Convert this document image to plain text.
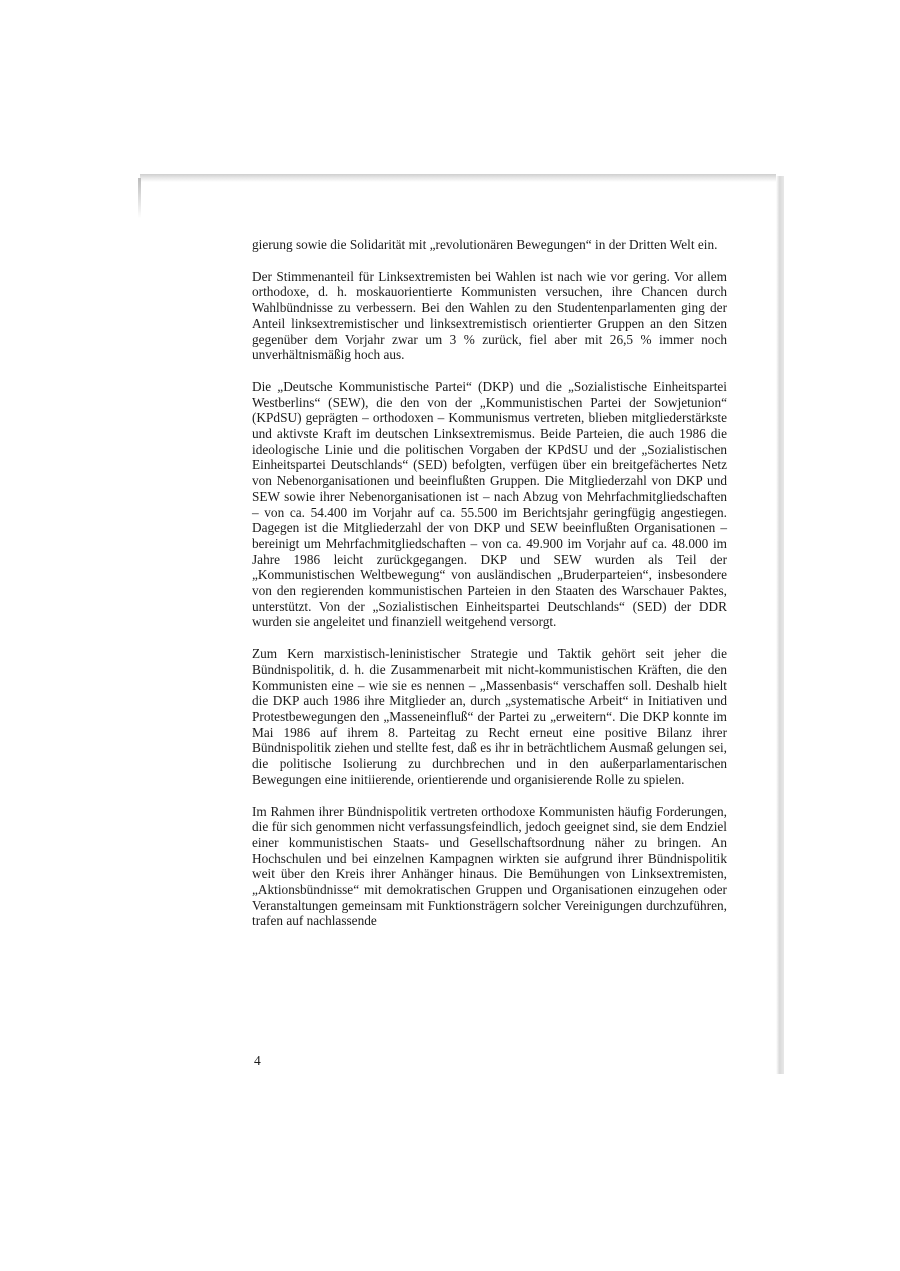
gierung sowie die Solidarität mit „revolutionären Bewegungen“ in der Dritten Welt ein.

Der Stimmenanteil für Linksextremisten bei Wahlen ist nach wie vor gering. Vor allem orthodoxe, d. h. moskauorientierte Kommunisten versuchen, ihre Chancen durch Wahlbündnisse zu verbessern. Bei den Wahlen zu den Studentenparlamenten ging der Anteil linksextremistischer und linksextremistisch orientierter Gruppen an den Sitzen gegenüber dem Vorjahr zwar um 3 % zurück, fiel aber mit 26,5 % immer noch unverhältnismäßig hoch aus.

Die „Deutsche Kommunistische Partei“ (DKP) und die „Sozialistische Einheitspartei Westberlins“ (SEW), die den von der „Kommunistischen Partei der Sowjetunion“ (KPdSU) geprägten – orthodoxen – Kommunismus vertreten, blieben mitgliederstärkste und aktivste Kraft im deutschen Linksextremismus. Beide Parteien, die auch 1986 die ideologische Linie und die politischen Vorgaben der KPdSU und der „Sozialistischen Einheitspartei Deutschlands“ (SED) befolgten, verfügen über ein breitgefächertes Netz von Nebenorganisationen und beeinflußten Gruppen. Die Mitgliederzahl von DKP und SEW sowie ihrer Nebenorganisationen ist – nach Abzug von Mehrfachmitgliedschaften – von ca. 54.400 im Vorjahr auf ca. 55.500 im Berichtsjahr geringfügig angestiegen. Dagegen ist die Mitgliederzahl der von DKP und SEW beeinflußten Organisationen – bereinigt um Mehrfachmitgliedschaften – von ca. 49.900 im Vorjahr auf ca. 48.000 im Jahre 1986 leicht zurückgegangen. DKP und SEW wurden als Teil der „Kommunistischen Weltbewegung“ von ausländischen „Bruderparteien“, insbesondere von den regierenden kommunistischen Parteien in den Staaten des Warschauer Paktes, unterstützt. Von der „Sozialistischen Einheitspartei Deutschlands“ (SED) der DDR wurden sie angeleitet und finanziell weitgehend versorgt.

Zum Kern marxistisch-leninistischer Strategie und Taktik gehört seit jeher die Bündnispolitik, d. h. die Zusammenarbeit mit nicht-kommunistischen Kräften, die den Kommunisten eine – wie sie es nennen – „Massenbasis“ verschaffen soll. Deshalb hielt die DKP auch 1986 ihre Mitglieder an, durch „systematische Arbeit“ in Initiativen und Protestbewegungen den „Masseneinfluß“ der Partei zu „erweitern“. Die DKP konnte im Mai 1986 auf ihrem 8. Parteitag zu Recht erneut eine positive Bilanz ihrer Bündnispolitik ziehen und stellte fest, daß es ihr in beträchtlichem Ausmaß gelungen sei, die politische Isolierung zu durchbrechen und in den außerparlamentarischen Bewegungen eine initiierende, orientierende und organisierende Rolle zu spielen.

Im Rahmen ihrer Bündnispolitik vertreten orthodoxe Kommunisten häufig Forderungen, die für sich genommen nicht verfassungsfeindlich, jedoch geeignet sind, sie dem Endziel einer kommunistischen Staats- und Gesellschaftsordnung näher zu bringen. An Hochschulen und bei einzelnen Kampagnen wirkten sie aufgrund ihrer Bündnispolitik weit über den Kreis ihrer Anhänger hinaus. Die Bemühungen von Linksextremisten, „Aktionsbündnisse“ mit demokratischen Gruppen und Organisationen einzugehen oder Veranstaltungen gemeinsam mit Funktionsträgern solcher Vereinigungen durchzuführen, trafen auf nachlassende

4
